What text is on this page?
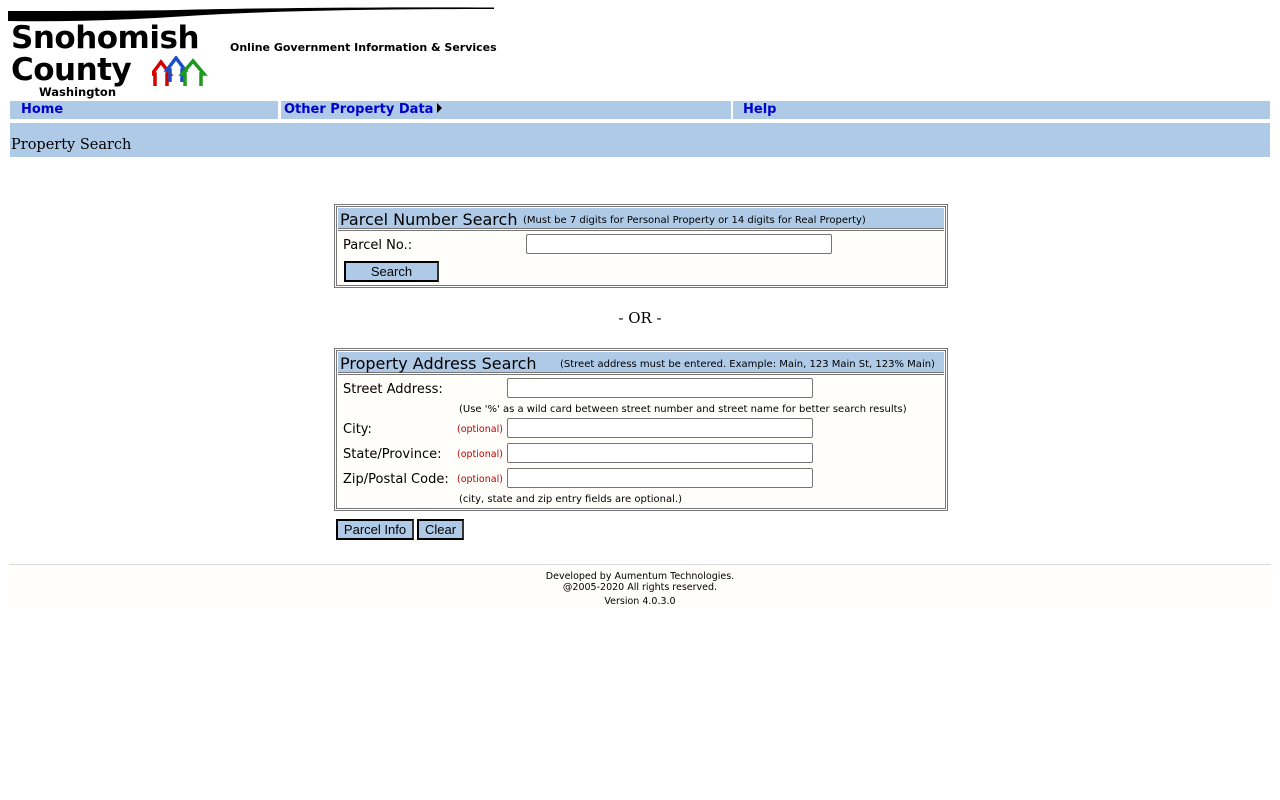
Snohomish
County
Washington
Online Government Information & Services
Home	Other Property Data	Help
Property Search
Parcel Number Search (Must be 7 digits for Personal Property or 14 digits for Real Property)
Parcel No.:
Search
- OR -
Property Address Search (Street address must be entered. Example: Main, 123 Main St, 123% Main)
Street Address:
(Use '%' as a wild card between street number and street name for better search results)
City:	(optional)
State/Province: (optional)
Zip/Postal Code: (optional)
(city, state and zip entry fields are optional.)
Parcel Info	Clear
Developed by Aumentum Technologies.
@2005-2020 All rights reserved.
Version 4.0.3.0
